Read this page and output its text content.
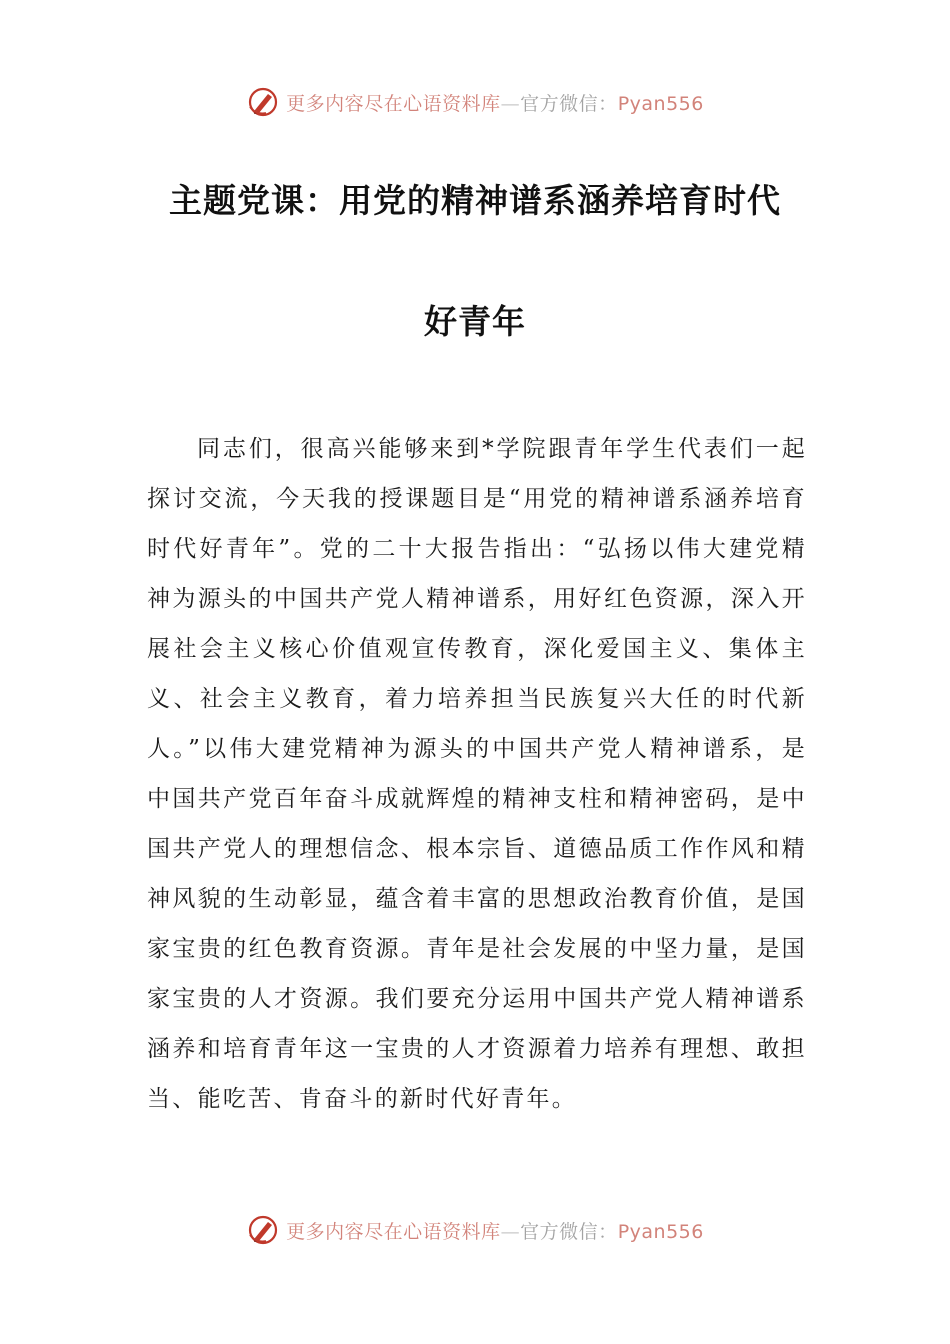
更多内容尽在心语资料库—官方微信：Pyan556
主题党课：用党的精神谱系涵养培育时代
好青年

同志们，很高兴能够来到*学院跟青年学生代表们一起探讨交流，今天我的授课题目是“用党的精神谱系涵养培育时代好青年”。党的二十大报告指出：“弘扬以伟大建党精神为源头的中国共产党人精神谱系，用好红色资源，深入开展社会主义核心价值观宣传教育，深化爱国主义、集体主义、社会主义教育，着力培养担当民族复兴大任的时代新人。”以伟大建党精神为源头的中国共产党人精神谱系，是中国共产党百年奋斗成就辉煌的精神支柱和精神密码，是中国共产党人的理想信念、根本宗旨、道德品质工作作风和精神风貌的生动彰显，蕴含着丰富的思想政治教育价值，是国家宝贵的红色教育资源。青年是社会发展的中坚力量，是国家宝贵的人才资源。我们要充分运用中国共产党人精神谱系涵养和培育青年这一宝贵的人才资源着力培养有理想、敢担当、能吃苦、肯奋斗的新时代好青年。

更多内容尽在心语资料库—官方微信：Pyan556
